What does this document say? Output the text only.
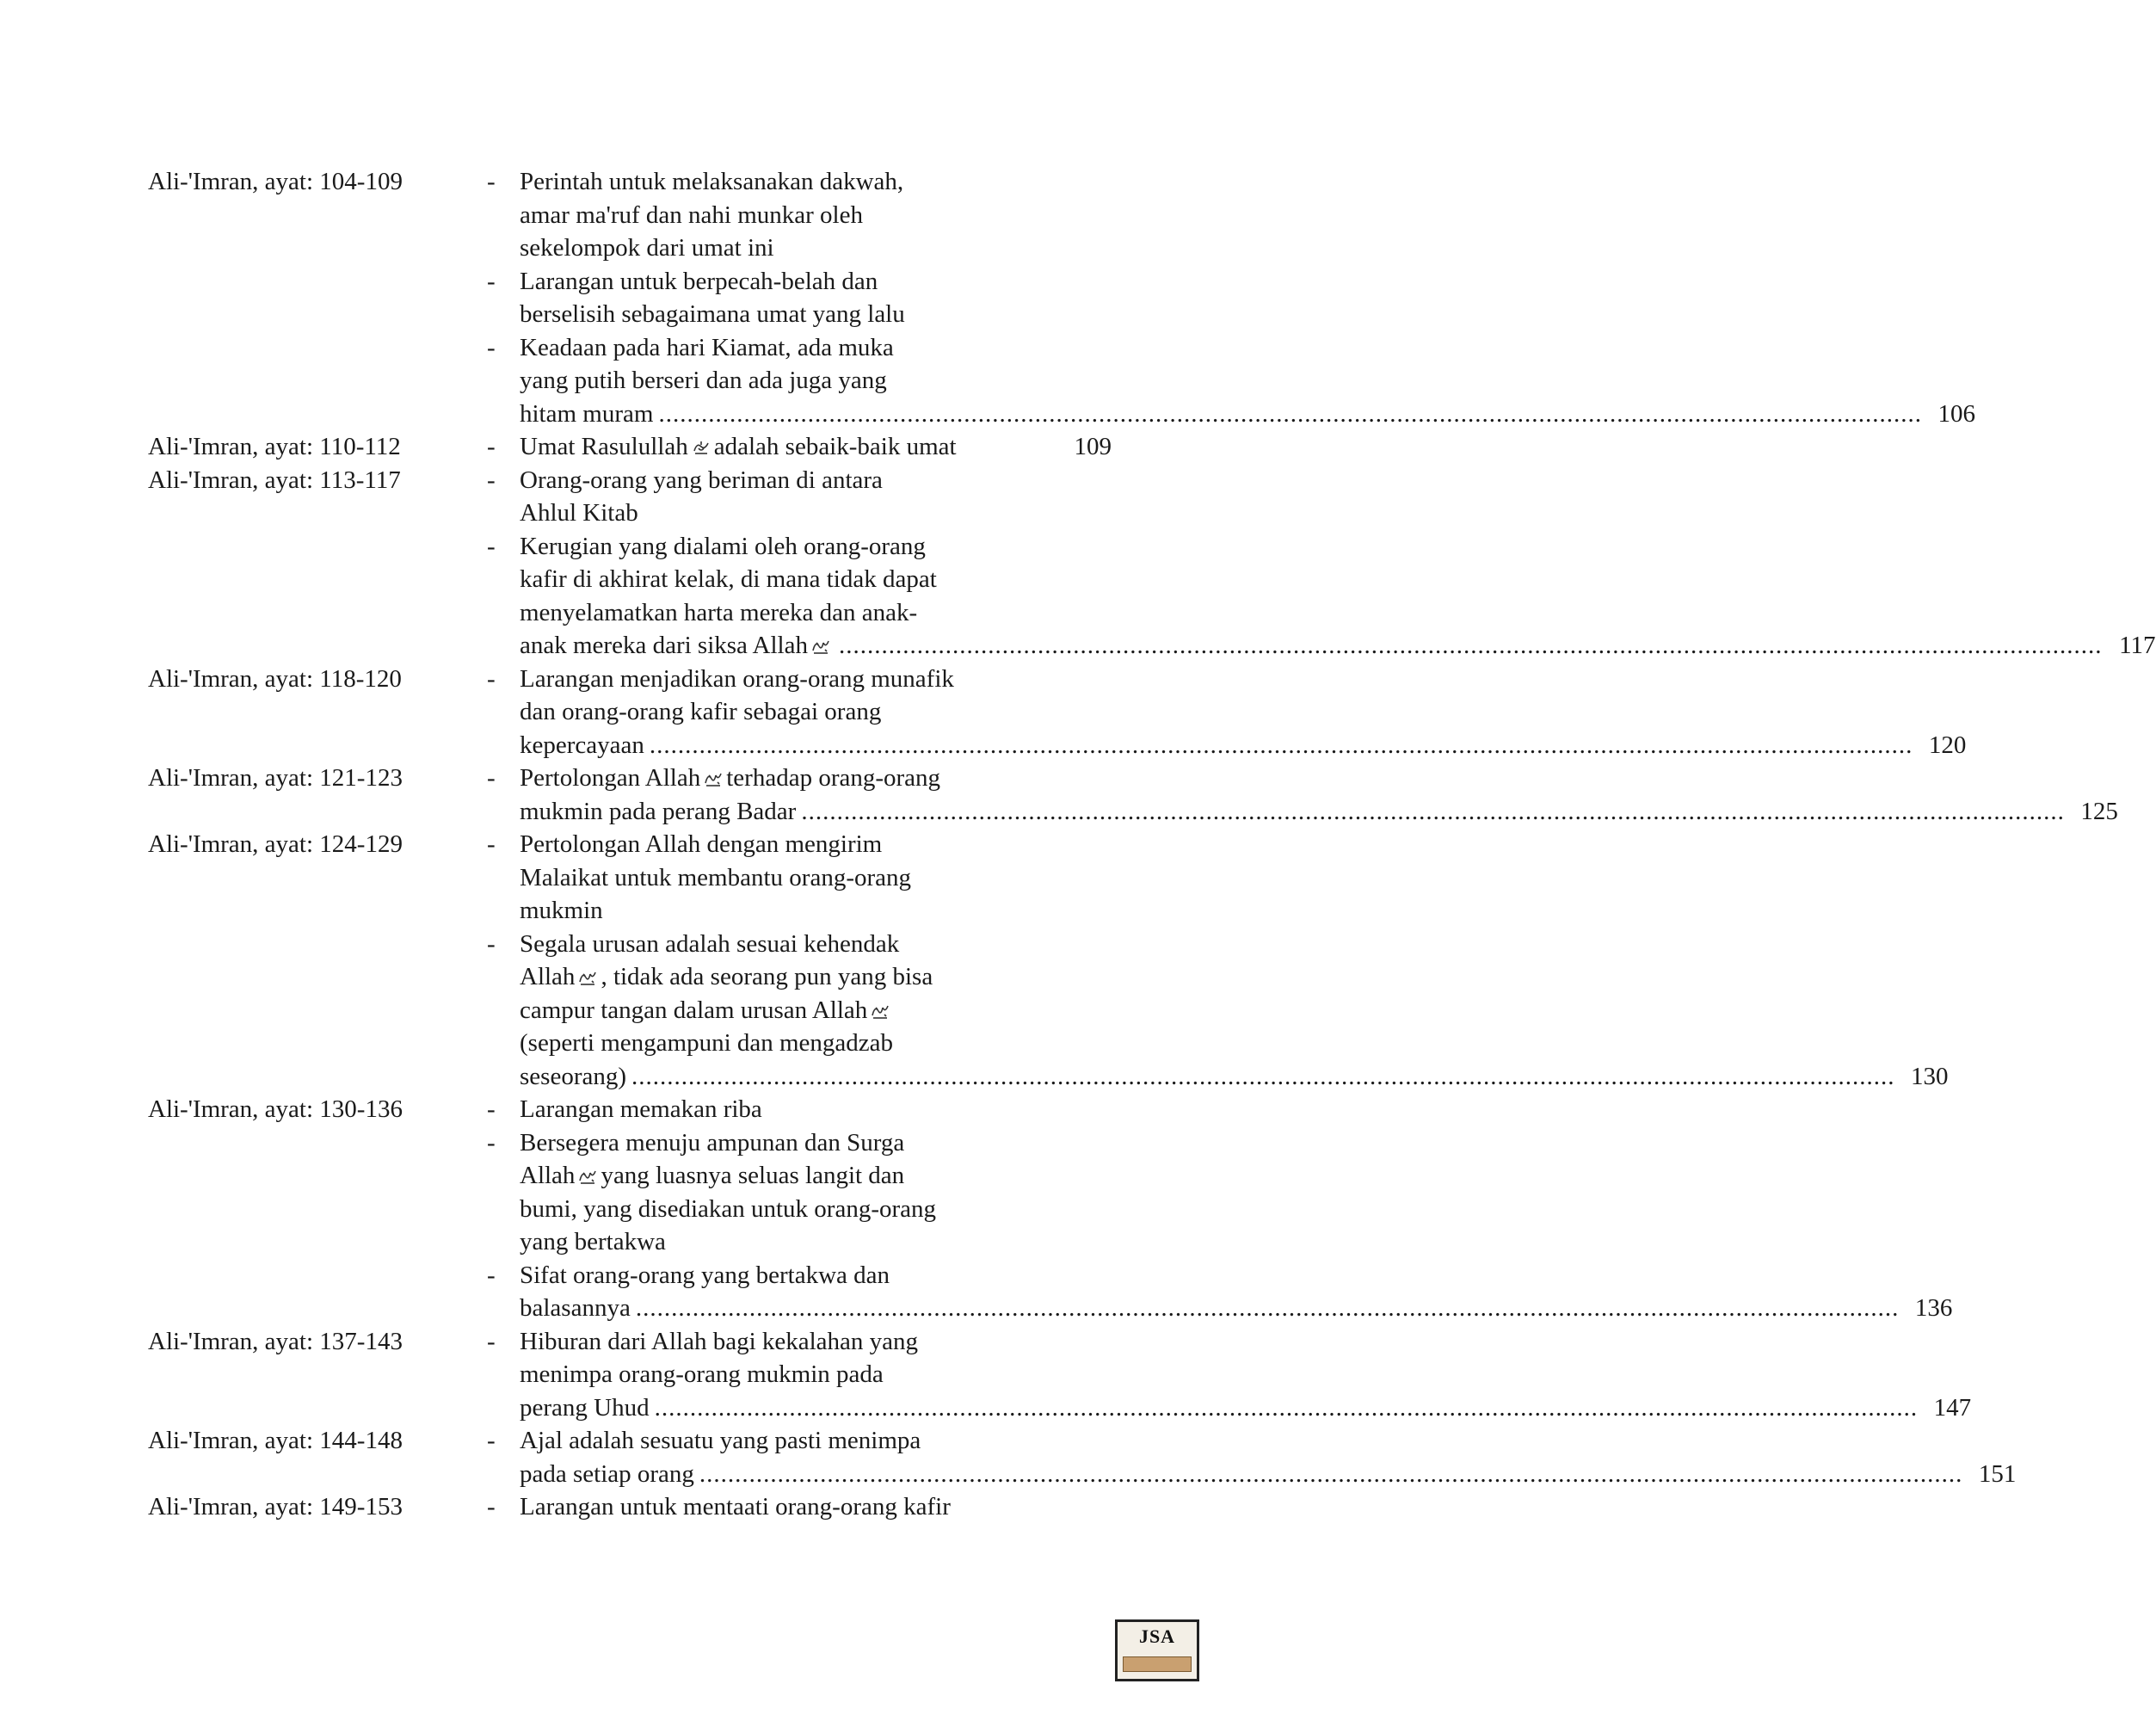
Ali-'Imran, ayat: 104-109	- Perintah untuk melaksanakan dakwah,
amar ma'ruf dan nahi munkar oleh
sekelompok dari umat ini
- Larangan untuk berpecah-belah dan
berselisih sebagaimana umat yang lalu
- Keadaan pada hari Kiamat, ada muka
yang putih berseri dan ada juga yang
hitam muram .....	106
Ali-'Imran, ayat: 110-112	- Umat Rasulullah adalah sebaik-baik umat	109
Ali-'Imran, ayat: 113-117	- Orang-orang yang beriman di antara
Ahlul Kitab
- Kerugian yang dialami oleh orang-orang
kafir di akhirat kelak, di mana tidak dapat
menyelamatkan harta mereka dan anak-
anak mereka dari siksa Allah .....	117
Ali-'Imran, ayat: 118-120	- Larangan menjadikan orang-orang munafik
dan orang-orang kafir sebagai orang
kepercayaan .....	120
Ali-'Imran, ayat: 121-123	- Pertolongan Allah terhadap orang-orang
mukmin pada perang Badar .....	125
Ali-'Imran, ayat: 124-129	- Pertolongan Allah dengan mengirim
Malaikat untuk membantu orang-orang
mukmin
- Segala urusan adalah sesuai kehendak
Allah , tidak ada seorang pun yang bisa
campur tangan dalam urusan Allah
(seperti mengampuni dan mengadzab
seseorang) .....	130
Ali-'Imran, ayat: 130-136	- Larangan memakan riba
- Bersegera menuju ampunan dan Surga
Allah yang luasnya seluas langit dan
bumi, yang disediakan untuk orang-orang
yang bertakwa
- Sifat orang-orang yang bertakwa dan
balasannya .....	136
Ali-'Imran, ayat: 137-143	- Hiburan dari Allah bagi kekalahan yang
menimpa orang-orang mukmin pada
perang Uhud .....	147
Ali-'Imran, ayat: 144-148	- Ajal adalah sesuatu yang pasti menimpa
pada setiap orang .....	151
Ali-'Imran, ayat: 149-153	- Larangan untuk mentaati orang-orang kafir
JSA
